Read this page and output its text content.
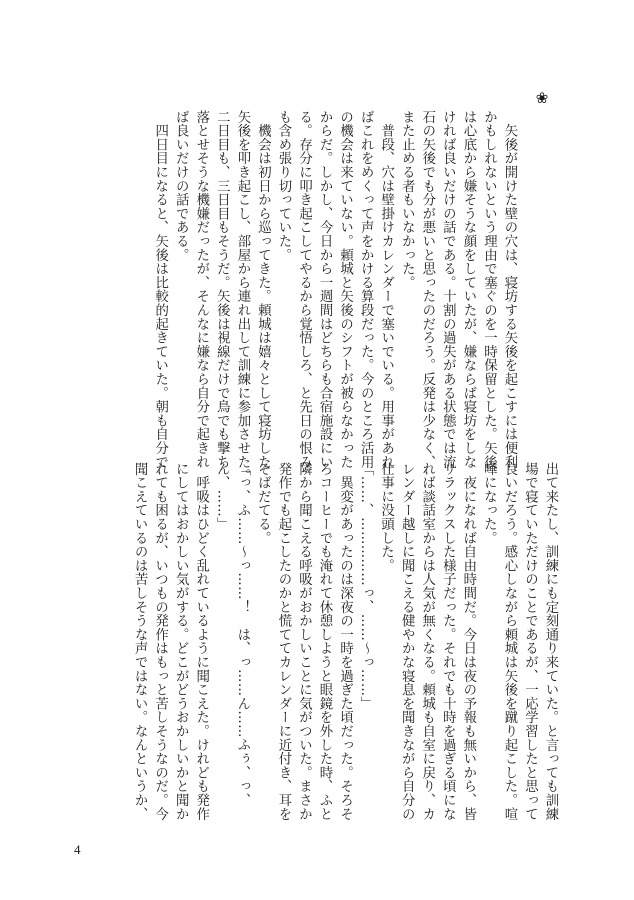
❀
　矢後が開けた壁の穴は、寝坊する矢後を起こすには便利
かもしれないという理由で塞ぐのを一時保留とした。矢後
は心底から嫌そうな顔をしていたが、嫌ならば寝坊をしな
ければ良いだけの話である。十割の過失がある状態では流
石の矢後でも分が悪いと思ったのだろう。反発は少なく、
また止める者もいなかった。
　普段、穴は壁掛けカレンダーで塞いでいる。用事があれ
ばこれをめくって声をかける算段だった。今のところ活用
の機会は来ていない。頼城と矢後のシフトが被らなかった
からだ。しかし、今日から一週間はどちらも合宿施設にい
る。存分に叩き起こしてやるから覚悟しろ、と先日の恨み
も含め張り切っていた。
　機会は初日から巡ってきた。頼城は嬉々として寝坊した
矢後を叩き起こし、部屋から連れ出して訓練に参加させた。
二日目も、三日目もそうだ。矢後は視線だけで鳥でも撃ち
落とせそうな機嫌だったが、そんなに嫌なら自分で起きれ
ば良いだけの話である。
　四日目になると、矢後は比較的起きていた。朝も自分で
出て来たし、訓練にも定刻通り来ていた。と言っても訓練
場で寝ていただけのことであるが、一応学習したと思って
良いだろう。感心しながら頼城は矢後を蹴り起こした。喧
嘩になった。
　夜になれば自由時間だ。今日は夜の予報も無いから、皆
リラックスした様子だった。それでも十時を過ぎる頃にな
れば談話室からは人気が無くなる。頼城も自室に戻り、カ
レンダー越しに聞こえる健やかな寝息を聞きながら自分の
仕事に没頭した。
「……、……………っ、……～っ……」
　異変があったのは深夜の一時を過ぎた頃だった。そろそ
ろコーヒーでも淹れて休憩しようと眼鏡を外した時、ふと
隣から聞こえる呼吸がおかしいことに気がついた。まさか
発作でも起こしたのかと慌ててカレンダーに近付き、耳を
そばだてる。
「っ、ふ……～っ……！　は、っ……ん……ふぅ、っ、
ん、……」
　呼吸はひどく乱れているように聞こえた。けれども発作
にしてはおかしい気がする。どこがどうおかしいかと聞か
れても困るが、いつもの発作はもっと苦しそうなのだ。今
聞こえているのは苦しそうな声ではない。なんというか、
4
